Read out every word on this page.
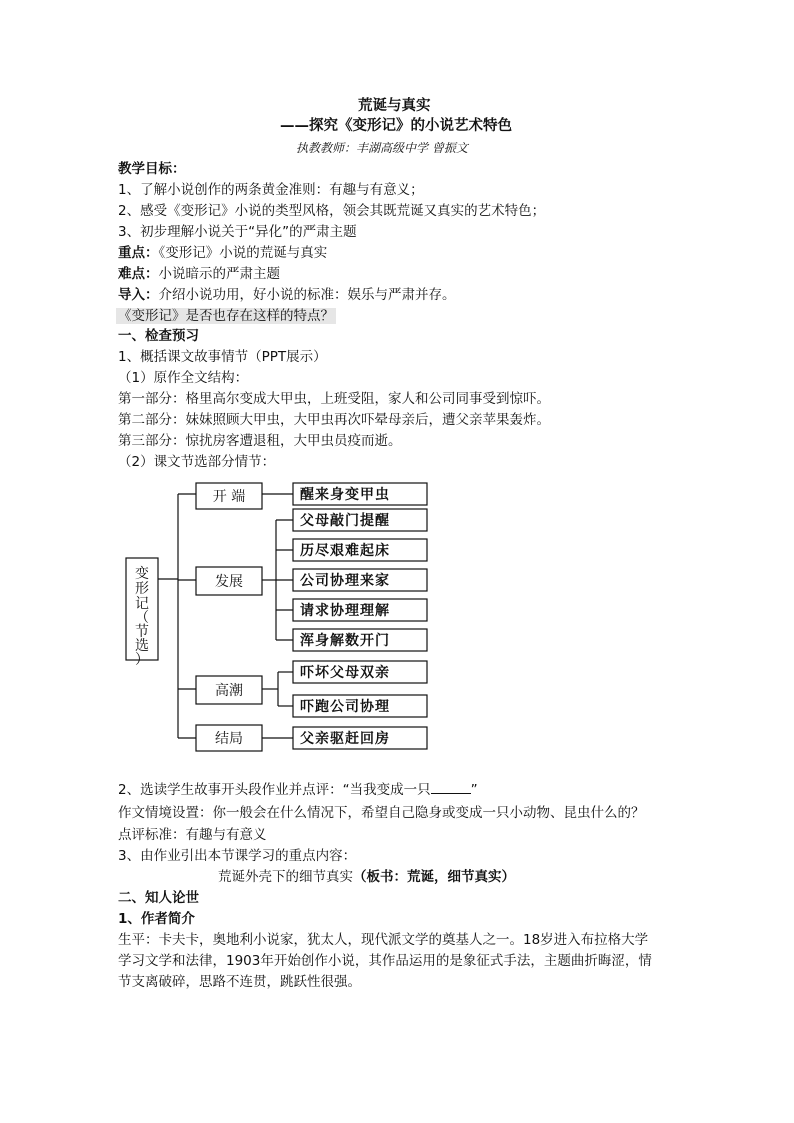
荒诞与真实
——探究《变形记》的小说艺术特色
执教教师：丰湖高级中学 曾振文
教学目标：
1、了解小说创作的两条黄金准则：有趣与有意义；
2、感受《变形记》小说的类型风格，领会其既荒诞又真实的艺术特色；
3、初步理解小说关于“异化”的严肃主题
重点：《变形记》小说的荒诞与真实
难点：小说暗示的严肃主题
导入：介绍小说功用，好小说的标准：娱乐与严肃并存。
《变形记》是否也存在这样的特点？
一、检查预习
1、概括课文故事情节（PPT展示）
（1）原作全文结构：
第一部分：格里高尔变成大甲虫，上班受阻，家人和公司同事受到惊吓。
第二部分：妹妹照顾大甲虫，大甲虫再次吓晕母亲后，遭父亲苹果轰炸。
第三部分：惊扰房客遭退租，大甲虫员疫而逝。
（2）课文节选部分情节：
变
形
记
（
节
选
）
开 端
发展
高潮
结局
醒来身变甲虫
父母敲门提醒
历尽艰难起床
公司协理来家
请求协理理解
浑身解数开门
吓坏父母双亲
吓跑公司协理
父亲驱赶回房
2、选读学生故事开头段作业并点评：“当我变成一只	”
作文情境设置：你一般会在什么情况下，希望自己隐身或变成一只小动物、昆虫什么的？
点评标准：有趣与有意义
3、由作业引出本节课学习的重点内容：
荒诞外壳下的细节真实（板书：荒诞，细节真实）
二、知人论世
1、作者简介
生平：卡夫卡，奥地利小说家，犹太人，现代派文学的奠基人之一。18岁进入布拉格大学
学习文学和法律，1903年开始创作小说，其作品运用的是象征式手法，主题曲折晦涩，情
节支离破碎，思路不连贯，跳跃性很强。
